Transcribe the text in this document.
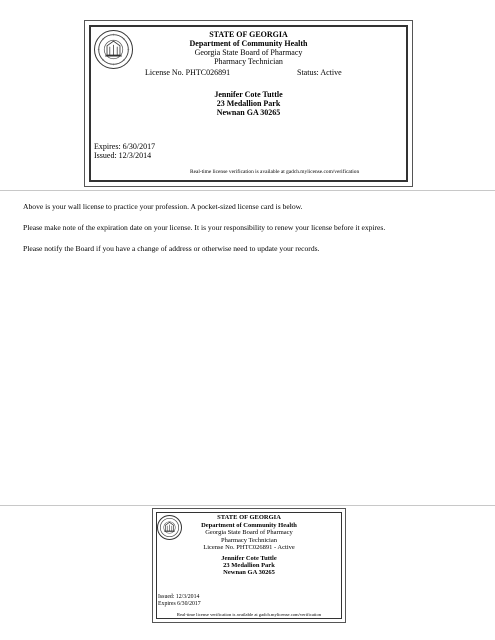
STATE OF GEORGIA
Department of Community Health
Georgia State Board of Pharmacy
Pharmacy Technician
License No. PHTC026891	Status: Active
Jennifer Cote Tuttle
23 Medallion Park
Newnan GA 30265
Expires: 6/30/2017
Issued: 12/3/2014
Real-time license verification is available at gadch.mylicense.com/verification
Above is your wall license to practice your profession. A pocket-sized license card is below.
Please make note of the expiration date on your license. It is your responsibility to renew your license before it expires.
Please notify the Board if you have a change of address or otherwise need to update your records.
STATE OF GEORGIA
Department of Community Health
Georgia State Board of Pharmacy
Pharmacy Technician
License No. PHTC026891 - Active
Jennifer Cote Tuttle
23 Medallion Park
Newnan GA 30265
Issued: 12/3/2014
Expires 6/30/2017
Real-time license verification is available at gadch.mylicense.com/verification
